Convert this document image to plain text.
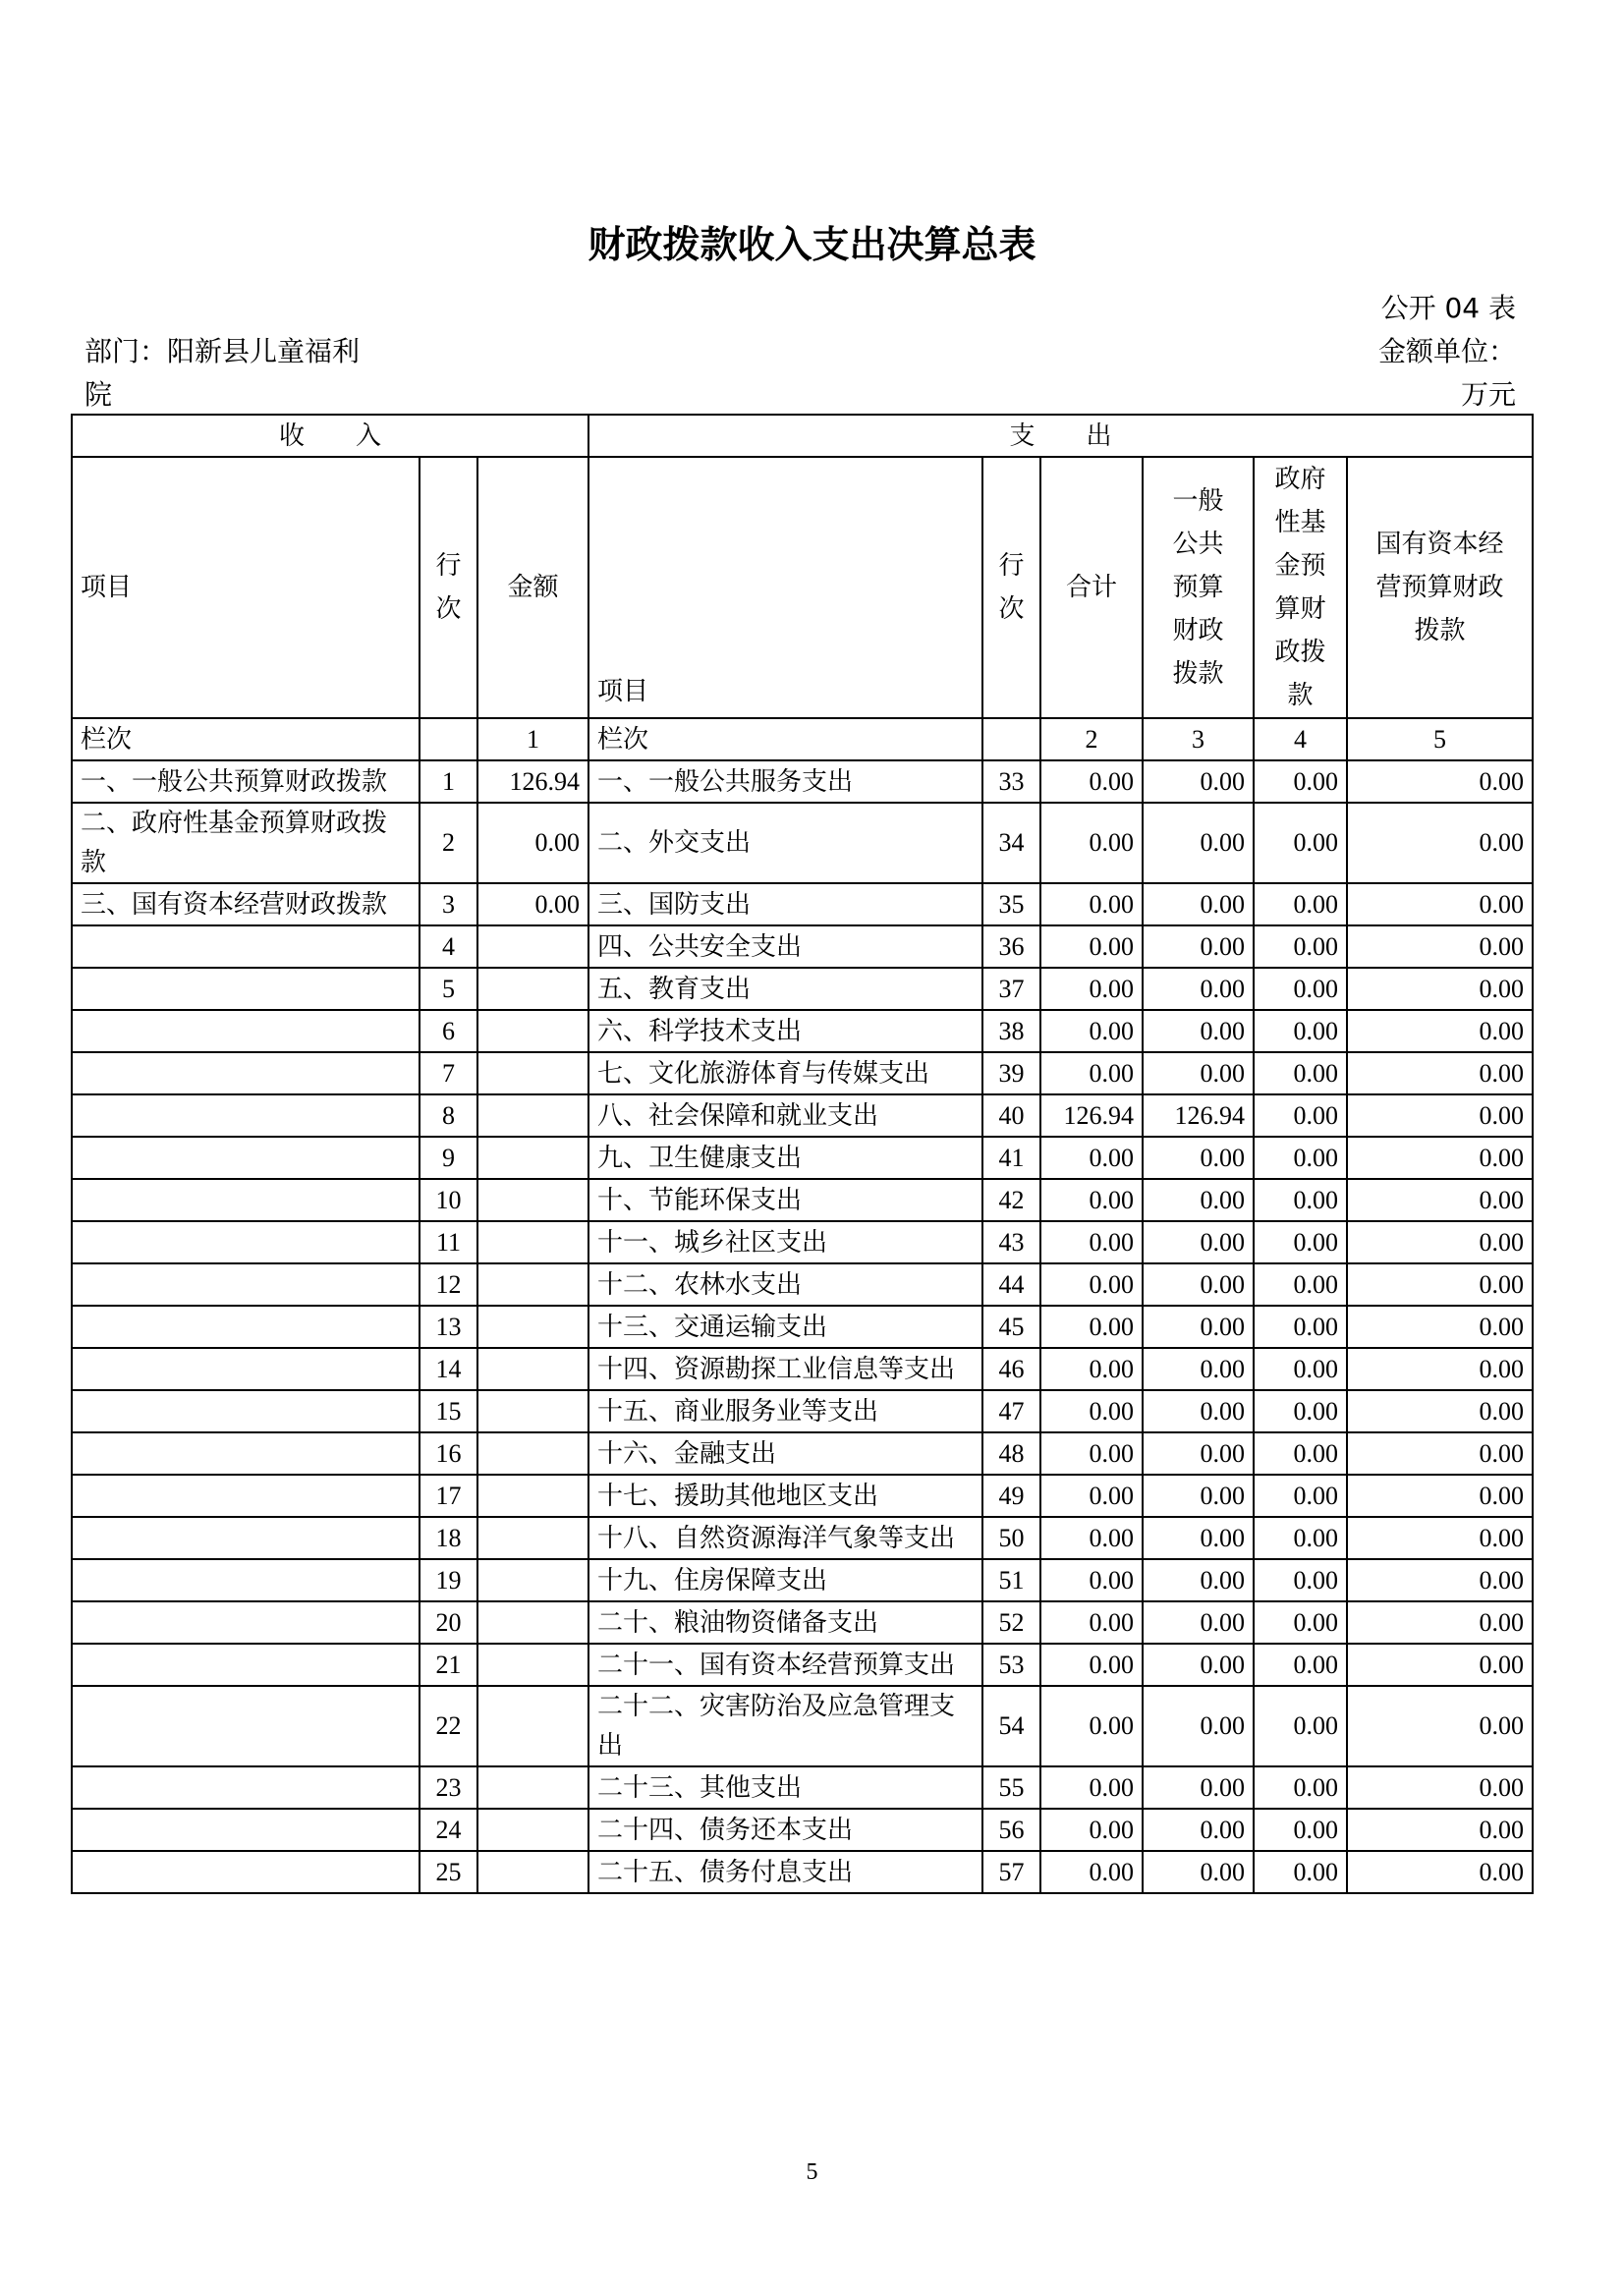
财政拨款收入支出决算总表
公开 04 表
部门：阳新县儿童福利
院
金额单位：
万元
收　　入			支　　出					
项目	行次	金额	项目	行次	合计	一般公共预算财政拨款	政府性基金预算财政拨款	国有资本经营预算财政拨款
栏次		1	栏次		2	3	4	5
一、一般公共预算财政拨款	1	126.94	一、一般公共服务支出	33	0.00	0.00	0.00	0.00
二、政府性基金预算财政拨款	2	0.00	二、外交支出	34	0.00	0.00	0.00	0.00
三、国有资本经营财政拨款	3	0.00	三、国防支出	35	0.00	0.00	0.00	0.00
	4		四、公共安全支出	36	0.00	0.00	0.00	0.00
	5		五、教育支出	37	0.00	0.00	0.00	0.00
	6		六、科学技术支出	38	0.00	0.00	0.00	0.00
	7		七、文化旅游体育与传媒支出	39	0.00	0.00	0.00	0.00
	8		八、社会保障和就业支出	40	126.94	126.94	0.00	0.00
	9		九、卫生健康支出	41	0.00	0.00	0.00	0.00
	10		十、节能环保支出	42	0.00	0.00	0.00	0.00
	11		十一、城乡社区支出	43	0.00	0.00	0.00	0.00
	12		十二、农林水支出	44	0.00	0.00	0.00	0.00
	13		十三、交通运输支出	45	0.00	0.00	0.00	0.00
	14		十四、资源勘探工业信息等支出	46	0.00	0.00	0.00	0.00
	15		十五、商业服务业等支出	47	0.00	0.00	0.00	0.00
	16		十六、金融支出	48	0.00	0.00	0.00	0.00
	17		十七、援助其他地区支出	49	0.00	0.00	0.00	0.00
	18		十八、自然资源海洋气象等支出	50	0.00	0.00	0.00	0.00
	19		十九、住房保障支出	51	0.00	0.00	0.00	0.00
	20		二十、粮油物资储备支出	52	0.00	0.00	0.00	0.00
	21		二十一、国有资本经营预算支出	53	0.00	0.00	0.00	0.00
	22		二十二、灾害防治及应急管理支出	54	0.00	0.00	0.00	0.00
	23		二十三、其他支出	55	0.00	0.00	0.00	0.00
	24		二十四、债务还本支出	56	0.00	0.00	0.00	0.00
	25		二十五、债务付息支出	57	0.00	0.00	0.00	0.00
5
